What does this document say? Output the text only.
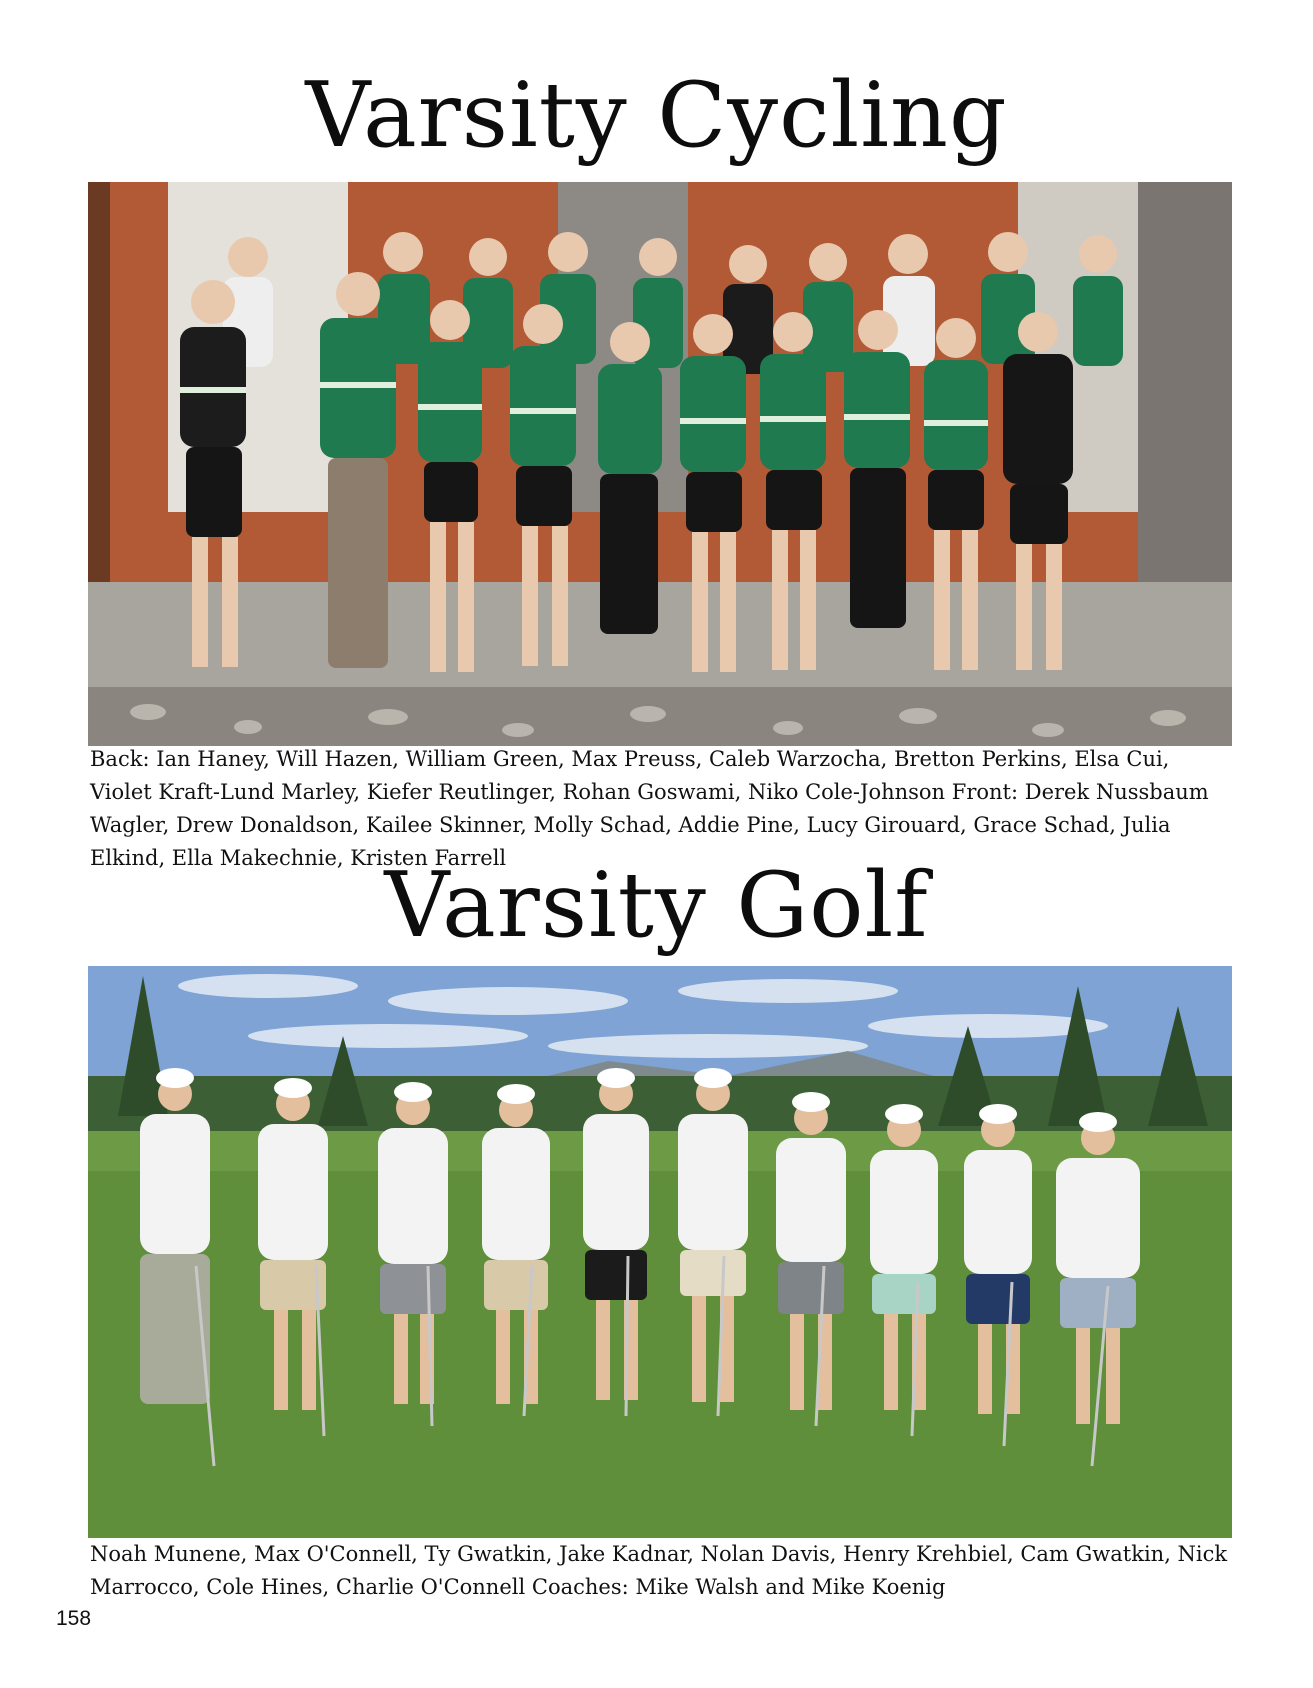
Varsity Cycling

Back: Ian Haney, Will Hazen, William Green, Max Preuss, Caleb Warzocha, Bretton Perkins, Elsa Cui, Violet Kraft-Lund Marley, Kiefer Reutlinger, Rohan Goswami, Niko Cole-Johnson Front: Derek Nussbaum Wagler, Drew Donaldson, Kailee Skinner, Molly Schad, Addie Pine, Lucy Girouard, Grace Schad, Julia Elkind, Ella Makechnie, Kristen Farrell

Varsity Golf

Noah Munene, Max O'Connell, Ty Gwatkin, Jake Kadnar, Nolan Davis, Henry Krehbiel, Cam Gwatkin, Nick Marrocco, Cole Hines, Charlie O'Connell Coaches: Mike Walsh and Mike Koenig

158
